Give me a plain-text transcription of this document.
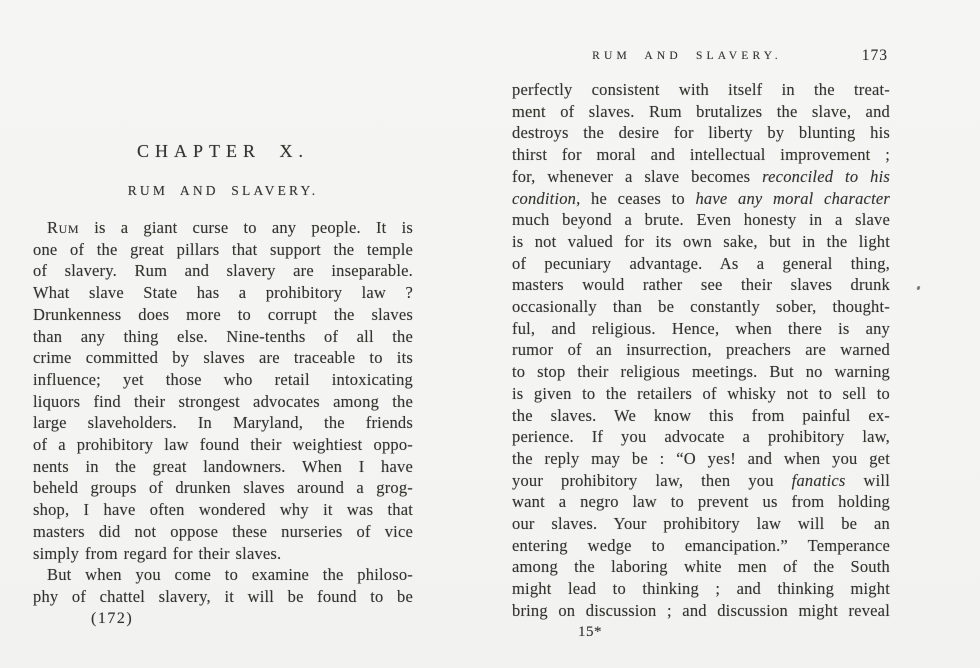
CHAPTER X.
RUM AND SLAVERY.
Rum is a giant curse to any people. It is
one of the great pillars that support the temple
of slavery. Rum and slavery are inseparable.
What slave State has a prohibitory law ?
Drunkenness does more to corrupt the slaves
than any thing else. Nine-tenths of all the
crime committed by slaves are traceable to its
influence; yet those who retail intoxicating
liquors find their strongest advocates among the
large slaveholders. In Maryland, the friends
of a prohibitory law found their weightiest oppo-
nents in the great landowners. When I have
beheld groups of drunken slaves around a grog-
shop, I have often wondered why it was that
masters did not oppose these nurseries of vice
simply from regard for their slaves.
But when you come to examine the philoso-
phy of chattel slavery, it will be found to be
(172)
RUM AND SLAVERY.	173
perfectly consistent with itself in the treat-
ment of slaves. Rum brutalizes the slave, and
destroys the desire for liberty by blunting his
thirst for moral and intellectual improvement ;
for, whenever a slave becomes reconciled to his
condition, he ceases to have any moral character
much beyond a brute. Even honesty in a slave
is not valued for its own sake, but in the light
of pecuniary advantage. As a general thing,
masters would rather see their slaves drunk
occasionally than be constantly sober, thought-
ful, and religious. Hence, when there is any
rumor of an insurrection, preachers are warned
to stop their religious meetings. But no warning
is given to the retailers of whisky not to sell to
the slaves. We know this from painful ex-
perience. If you advocate a prohibitory law,
the reply may be : “O yes! and when you get
your prohibitory law, then you fanatics will
want a negro law to prevent us from holding
our slaves. Your prohibitory law will be an
entering wedge to emancipation.” Temperance
among the laboring white men of the South
might lead to thinking ; and thinking might
bring on discussion ; and discussion might reveal
15*
